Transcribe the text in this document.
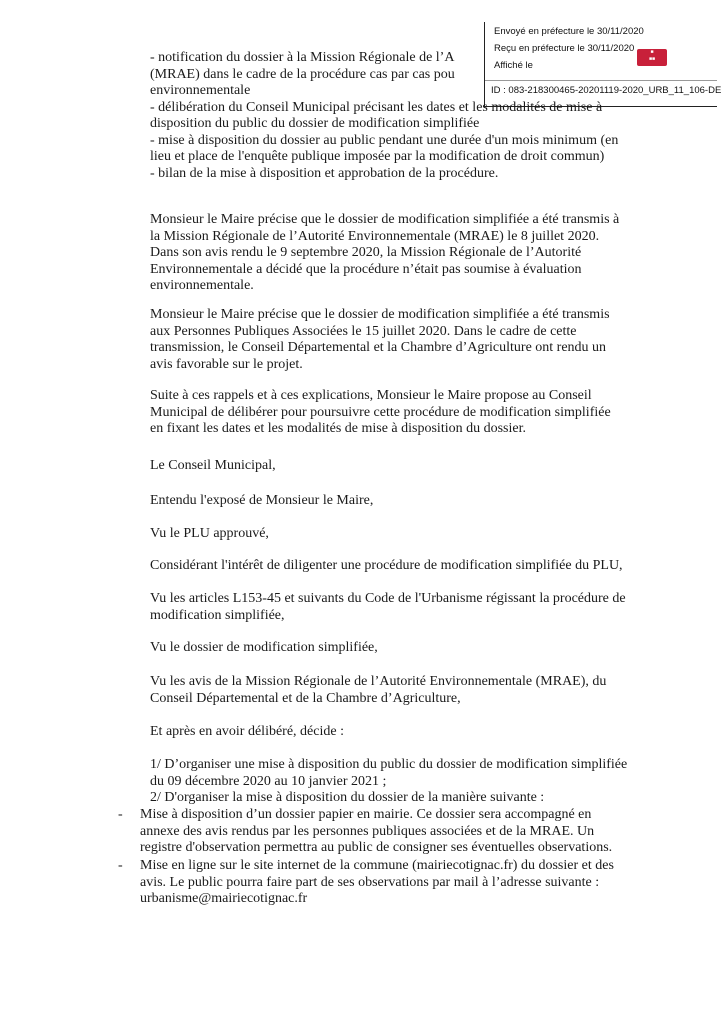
Envoyé en préfecture le 30/11/2020
Reçu en préfecture le 30/11/2020	■
■■
Affiché le
ID : 083-218300465-20201119-2020_URB_11_106-DE
- notification du dossier à la Mission Régionale de l’A
(MRAE) dans le cadre de la procédure cas par cas pou
environnementale
- délibération du Conseil Municipal précisant les dates et les modalités de mise à
disposition du public du dossier de modification simplifiée
- mise à disposition du dossier au public pendant une durée d'un mois minimum (en
lieu et place de l'enquête publique imposée par la modification de droit commun)
- bilan de la mise à disposition et approbation de la procédure.
Monsieur le Maire précise que le dossier de modification simplifiée a été transmis à
la Mission Régionale de l’Autorité Environnementale (MRAE) le 8 juillet 2020.
Dans son avis rendu le 9 septembre 2020, la Mission Régionale de l’Autorité
Environnementale a décidé que la procédure n’était pas soumise à évaluation
environnementale.
Monsieur le Maire précise que le dossier de modification simplifiée a été transmis
aux Personnes Publiques Associées le 15 juillet 2020. Dans le cadre de cette
transmission, le Conseil Départemental et la Chambre d’Agriculture ont rendu un
avis favorable sur le projet.
Suite à ces rappels et à ces explications, Monsieur le Maire propose au Conseil
Municipal de délibérer pour poursuivre cette procédure de modification simplifiée
en fixant les dates et les modalités de mise à disposition du dossier.
Le Conseil Municipal,
Entendu l'exposé de Monsieur le Maire,
Vu le PLU approuvé,
Considérant l'intérêt de diligenter une procédure de modification simplifiée du PLU,
Vu les articles L153-45 et suivants du Code de l'Urbanisme régissant la procédure de
modification simplifiée,
Vu le dossier de modification simplifiée,
Vu les avis de la Mission Régionale de l’Autorité Environnementale (MRAE), du
Conseil Départemental et de la Chambre d’Agriculture,
Et après en avoir délibéré, décide :
1/ D’organiser une mise à disposition du public du dossier de modification simplifiée
du 09 décembre 2020 au 10 janvier 2021 ;
2/ D'organiser la mise à disposition du dossier de la manière suivante :
- Mise à disposition d’un dossier papier en mairie. Ce dossier sera accompagné en
annexe des avis rendus par les personnes publiques associées et de la MRAE. Un
registre d'observation permettra au public de consigner ses éventuelles observations.
- Mise en ligne sur le site internet de la commune (mairiecotignac.fr) du dossier et des
avis. Le public pourra faire part de ses observations par mail à l’adresse suivante :
urbanisme@mairiecotignac.fr
